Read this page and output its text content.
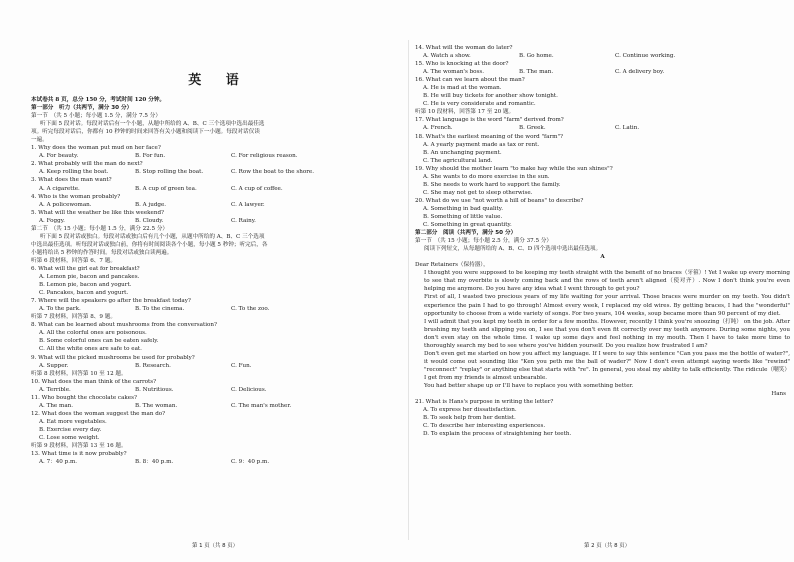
英 语
本试卷共 8 页，总分 150 分，考试时间 120 分钟。
第一部分　听力（共两节，满分 30 分）
第一节　（共 5 小题；每小题 1.5 分，满分 7.5 分）
听下面 5 段对话。每段对话后有一个小题，从题中所给的 A、B、C 三个选项中选出最佳选
项。听完每段对话后，你都有 10 秒钟的时间来回答有关小题和阅读下一小题。每段对话仅读
一遍。
1. Why does the woman put mud on her face?
A. For beauty.	B. For fun.	C. For religious reason.
2. What probably will the man do next?
A. Keep rolling the boat.	B. Stop rolling the boat.	C. Row the boat to the shore.
3. What does the man want?
A. A cigarette.	B. A cup of green tea.	C. A cup of coffee.
4. Who is the woman probably?
A. A policewoman.	B. A judge.	C. A lawyer.
5. What will the weather be like this weekend?
A. Foggy.	B. Cloudy.	C. Rainy.
第二节　（共 15 小题；每小题 1.5 分，满分 22.5 分）
听下面 5 段对话或独白。每段对话或独白后有几个小题，从题中所给的 A、B、C 三个选项
中选出最佳选项。听每段对话或独白前，你将有时间阅读各个小题，每小题 5 秒钟；听完后，各
小题将给出 5 秒钟的作答时间。每段对话或独白读两遍。
听第 6 段材料，回答第 6、7 题。
6. What will the girl eat for breakfast?
A. Lemon pie, bacon and pancakes.
B. Lemon pie, bacon and yogurt.
C. Pancakes, bacon and yogurt.
7. Where will the speakers go after the breakfast today?
A. To the park.	B. To the cinema.	C. To the zoo.
听第 7 段材料，回答第 8、9 题。
8. What can be learned about mushrooms from the conversation?
A. All the colorful ones are poisonous.
B. Some colorful ones can be eaten safely.
C. All the white ones are safe to eat.
9. What will the picked mushrooms be used for probably?
A. Supper.	B. Research.	C. Fun.
听第 8 段材料，回答第 10 至 12 题。
10. What does the man think of the carrots?
A. Terrible.	B. Nutritious.	C. Delicious.
11. Who bought the chocolate cakes?
A. The man.	B. The woman.	C. The man's mother.
12. What does the woman suggest the man do?
A. Eat more vegetables.
B. Exercise every day.
C. Lose some weight.
听第 9 段材料，回答第 13 至 16 题。
13. What time is it now probably?
A. 7：40 p.m.	B. 8：40 p.m.	C. 9：40 p.m.
14. What will the woman do later?
A. Watch a show.	B. Go home.	C. Continue working.
15. Who is knocking at the door?
A. The woman's boss.	B. The man.	C. A delivery boy.
16. What can we learn about the man?
A. He is mad at the woman.
B. He will buy tickets for another show tonight.
C. He is very considerate and romantic.
听第 10 段材料，回答第 17 至 20 题。
17. What language is the word "farm" derived from?
A. French.	B. Greek.	C. Latin.
18. What's the earliest meaning of the word "farm"?
A. A yearly payment made as tax or rent.
B. An unchanging payment.
C. The agricultural land.
19. Why should the mother learn "to make hay while the sun shines"?
A. She wants to do more exercise in the sun.
B. She needs to work hard to support the family.
C. She may not get to sleep otherwise.
20. What do we use "not worth a hill of beans" to describe?
A. Something in bad quality.
B. Something of little value.
C. Something in great quantity.
第二部分　阅读（共两节，满分 50 分）
第一节　（共 15 小题；每小题 2.5 分，满分 37.5 分）
阅读下列短文，从每题所给的 A、B、C、D 四个选项中选出最佳选项。
A
Dear Retainers（保持器），
I thought you were supposed to be keeping my teeth straight with the benefit of no braces（牙箍）! Yet I wake up every morning to see that my overbite is slowly coming back and the rows of teeth aren't aligned（使对齐）. Now I don't think you're even helping me anymore. Do you have any idea what I went through to get you?
First of all, I wasted two precious years of my life waiting for your arrival. Those braces were murder on my teeth. You didn't experience the pain I had to go through! Almost every week, I replaced my old wires. By getting braces, I had the "wonderful" opportunity to choose from a wide variety of songs. For two years, 104 weeks, soup became more than 90 percent of my diet.
I will admit that you kept my teeth in order for a few months. However, recently I think you're snoozing（打盹） on the job. After brushing my teeth and slipping you on, I see that you don't even fit correctly over my teeth anymore. During some nights, you don't even stay on the whole time. I wake up some days and feel nothing in my mouth. Then I have to take more time to thoroughly search my bed to see where you've hidden yourself. Do you realize how frustrated I am?
Don't even get me started on how you affect my language. If I were to say this sentence "Can you pass me the bottle of water?", it would come out sounding like "Ken you peth me the ball of wader?" Now I don't even attempt saying words like "rewind" "reconnect" "replay" or anything else that starts with "re". In general, you steal my ability to talk efficiently. The ridicule（嘲笑） I get from my friends is almost unbearable.
You had better shape up or I'll have to replace you with something better.
Hans
21. What is Hans's purpose in writing the letter?
A. To express her dissatisfaction.
B. To seek help from her dentist.
C. To describe her interesting experiences.
D. To explain the process of straightening her teeth.
第 1 页（共 8 页）	第 2 页（共 8 页）
